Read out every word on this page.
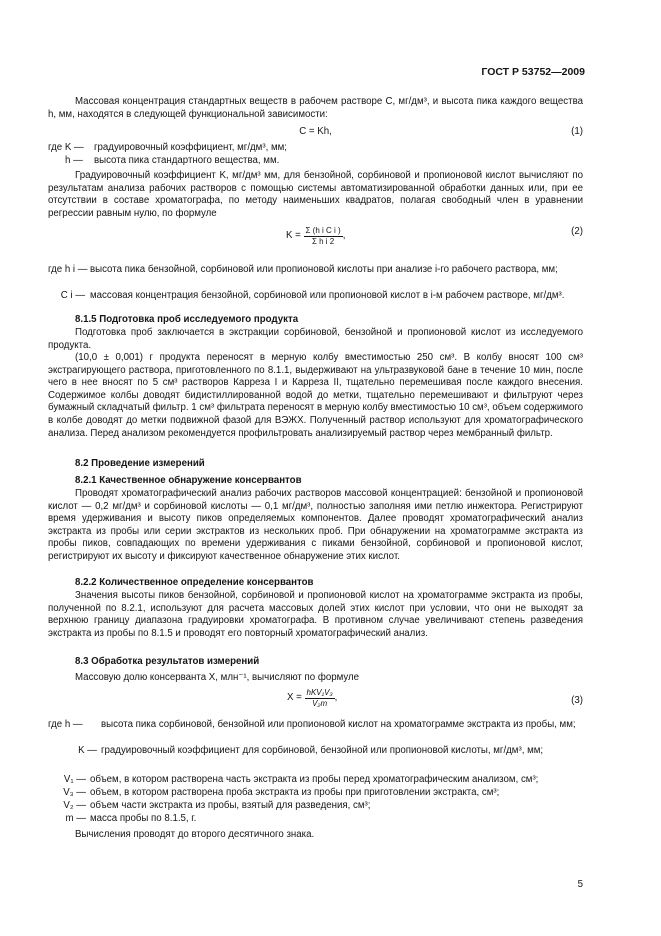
ГОСТ Р 53752—2009

Массовая концентрация стандартных веществ в рабочем растворе C, мг/дм³, и высота пика каждого вещества h, мм, находятся в следующей функциональной зависимости:

C = Kh,	(1)
где K — градуировочный коэффициент, мг/дм³, мм;
h — высота пика стандартного вещества, мм.

Градуировочный коэффициент K, мг/дм³ мм, для бензойной, сорбиновой и пропионовой кислот вычисляют по результатам анализа рабочих растворов с помощью системы автоматизированной обработки данных или, при ее отсутствии в составе хроматографа, по методу наименьших квадратов, полагая свободный член в уравнении регрессии равным нулю, по формуле

$K = \frac{\text{Σ (h i C i )}}{\text{Σ h i 2}}$ ,	(2)
где h i — высота пика бензойной, сорбиновой или пропионовой кислоты при анализе i-го рабочего раствора, мм;
C i — массовая концентрация бензойной, сорбиновой или пропионовой кислот в i-м рабочем растворе, мг/дм³.
8.1.5 Подготовка проб исследуемого продукта

Подготовка проб заключается в экстракции сорбиновой, бензойной и пропионовой кислот из исследуемого продукта.

(10,0 ± 0,001) г продукта переносят в мерную колбу вместимостью 250 см³. В колбу вносят 100 см³ экстрагирующего раствора, приготовленного по 8.1.1, выдерживают на ультразвуковой бане в течение 10 мин, после чего в нее вносят по 5 см³ растворов Карреза I и Карреза II, тщательно перемешивая после каждого внесения. Содержимое колбы доводят бидистиллированной водой до метки, тщательно перемешивают и фильтруют через бумажный складчатый фильтр. 1 см³ фильтрата переносят в мерную колбу вместимостью 10 см³, объем содержимого в колбе доводят до метки подвижной фазой для ВЭЖХ. Полученный раствор используют для хроматографического анализа. Перед анализом рекомендуется профильтровать анализируемый раствор через мембранный фильтр.

8.2 Проведение измерений
8.2.1 Качественное обнаружение консервантов

Проводят хроматографический анализ рабочих растворов массовой концентрацией: бензойной и пропионовой кислот — 0,2 мг/дм³ и сорбиновой кислоты — 0,1 мг/дм³, полностью заполняя ими петлю инжектора. Регистрируют время удерживания и высоту пиков определяемых компонентов. Далее проводят хроматографический анализ экстракта из пробы или серии экстрактов из нескольких проб. При обнаружении на хроматограмме экстракта из пробы пиков, совпадающих по времени удерживания с пиками бензойной, сорбиновой и пропионовой кислот, регистрируют их высоту и фиксируют качественное обнаружение этих кислот.

8.2.2 Количественное определение консервантов

Значения высоты пиков бензойной, сорбиновой и пропионовой кислот на хроматограмме экстракта из пробы, полученной по 8.2.1, используют для расчета массовых долей этих кислот при условии, что они не выходят за верхнюю границу диапазона градуировки хроматографа. В противном случае увеличивают степень разведения экстракта из пробы по 8.1.5 и проводят его повторный хроматографический анализ.

8.3 Обработка результатов измерений

Массовую долю консерванта X, млн⁻¹, вычисляют по формуле

$X = \frac{\text{hKV₁V₃}}{\text{V₂m}}$ ,	(3)
где h —	высота пика сорбиновой, бензойной или пропионовой кислот на хроматограмме экстракта из пробы, мм;
K — градуировочный коэффициент для сорбиновой, бензойной или пропионовой кислоты, мг/дм³, мм;
V₁ — объем, в котором растворена часть экстракта из пробы перед хроматографическим анализом, см³;
V₃ — объем, в котором растворена проба экстракта из пробы при приготовлении экстракта, см³;
V₂ — объем части экстракта из пробы, взятый для разведения, см³;
m — масса пробы по 8.1.5, г.
Вычисления проводят до второго десятичного знака.
5
